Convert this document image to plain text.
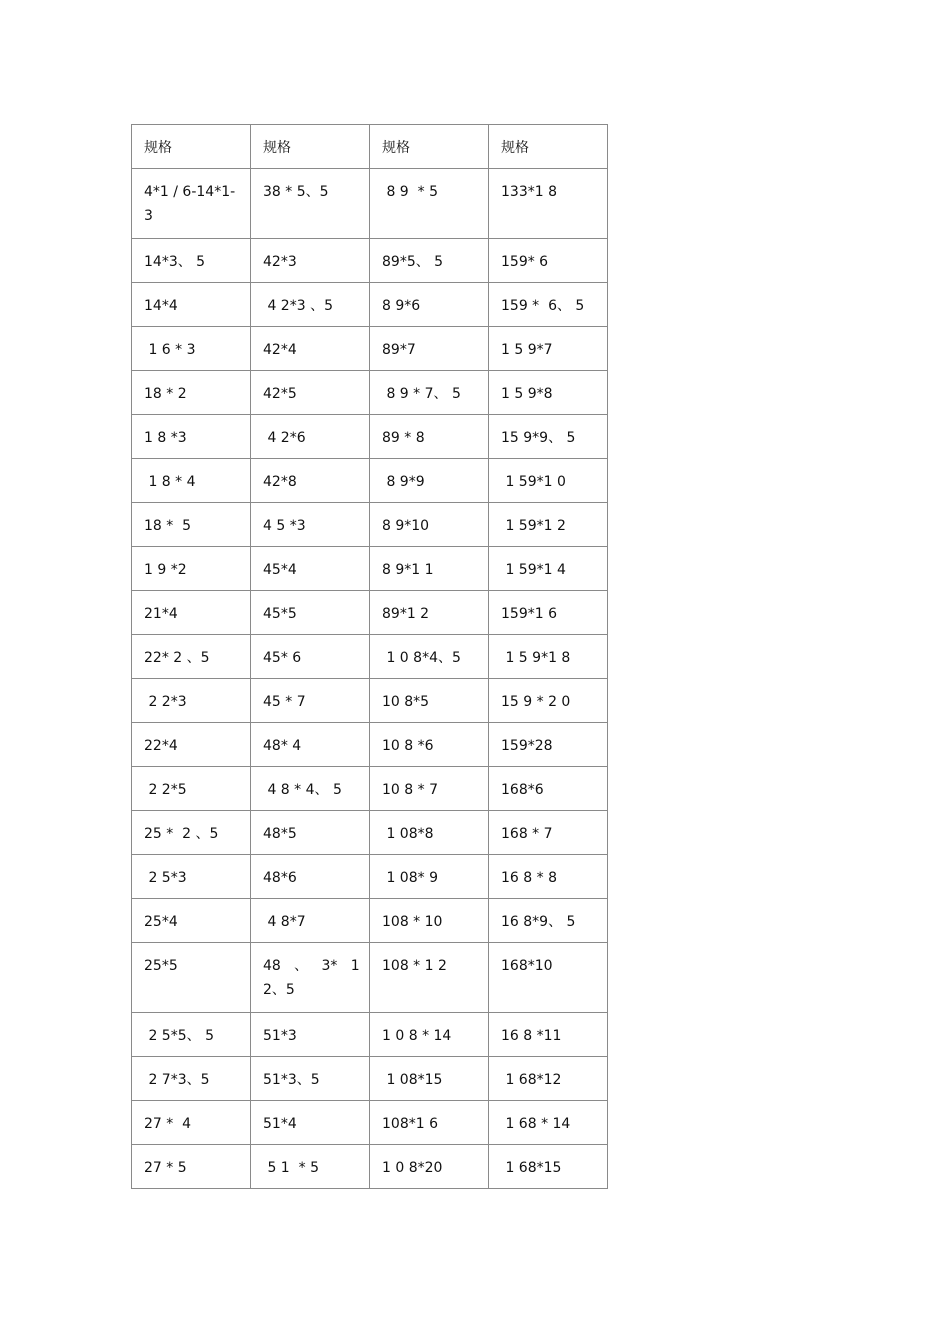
规格	规格	规格	规格
4*1 / 6-14*1-3	38 * 5、5	8 9  * 5	133*1 8
14*3、 5	42*3	89*5、 5	159* 6
14*4	4 2*3 、5	8 9*6	159 *  6、 5
1 6 * 3	42*4	89*7	1 5 9*7
18 * 2	42*5	8 9 * 7、 5	1 5 9*8
1 8 *3	4 2*6	89 * 8	15 9*9、 5
1 8 * 4	42*8	8 9*9	1 59*1 0
18 *  5	4 5 *3	8 9*10	1 59*1 2
1 9 *2	45*4	8 9*1 1	1 59*1 4
21*4	45*5	89*1 2	159*1 6
22* 2 、5	45* 6	1 0 8*4、5	1 5 9*1 8
2 2*3	45 * 7	10 8*5	15 9 * 2 0
22*4	48* 4	10 8 *6	159*28
2 2*5	4 8 * 4、 5	10 8 * 7	168*6
25 *  2 、5	48*5	1 08*8	168 * 7
2 5*3	48*6	1 08* 9	16 8 * 8
25*4	4 8*7	108 * 10	16 8*9、 5
25*5	48   、   3*   1 2、5	108 * 1 2	168*10
2 5*5、 5	51*3	1 0 8 * 14	16 8 *11
2 7*3、5	51*3、5	1 08*15	1 68*12
27 *  4	51*4	108*1 6	1 68 * 14
27 * 5	5 1  * 5	1 0 8*20	1 68*15
